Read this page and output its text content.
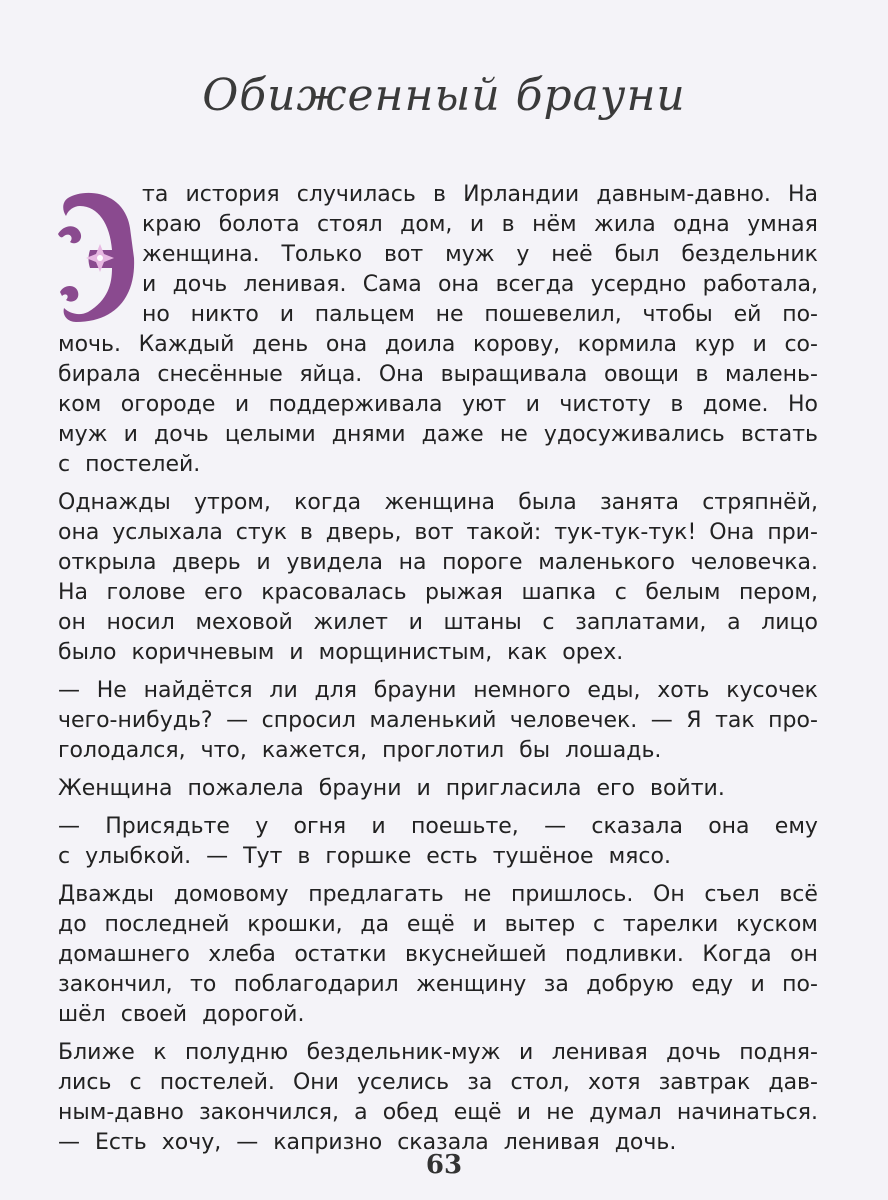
Обиженный брауни
та история случилась в Ирландии давным-давно. На
краю болота стоял дом, и в нём жила одна умная
женщина. Только вот муж у неё был бездельник
и дочь ленивая. Сама она всегда усердно работала,
но никто и пальцем не пошевелил, чтобы ей по-
мочь. Каждый день она доила корову, кормила кур и со-
бирала снесённые яйца. Она выращивала овощи в малень-
ком огороде и поддерживала уют и чистоту в доме. Но
муж и дочь целыми днями даже не удосуживались встать
с постелей.
Однажды утром, когда женщина была занята стряпнёй,
она услыхала стук в дверь, вот такой: тук-тук-тук! Она при-
открыла дверь и увидела на пороге маленького человечка.
На голове его красовалась рыжая шапка с белым пером,
он носил меховой жилет и штаны с заплатами, а лицо
было коричневым и морщинистым, как орех.
— Не найдётся ли для брауни немного еды, хоть кусочек
чего-нибудь? — спросил маленький человечек. — Я так про-
голодался, что, кажется, проглотил бы лошадь.
Женщина пожалела брауни и пригласила его войти.
— Присядьте у огня и поешьте, — сказала она ему
с улыбкой. — Тут в горшке есть тушёное мясо.
Дважды домовому предлагать не пришлось. Он съел всё
до последней крошки, да ещё и вытер с тарелки куском
домашнего хлеба остатки вкуснейшей подливки. Когда он
закончил, то поблагодарил женщину за добрую еду и по-
шёл своей дорогой.
Ближе к полудню бездельник-муж и ленивая дочь подня-
лись с постелей. Они уселись за стол, хотя завтрак дав-
ным-давно закончился, а обед ещё и не думал начинаться.
— Есть хочу, — капризно сказала ленивая дочь.
63
